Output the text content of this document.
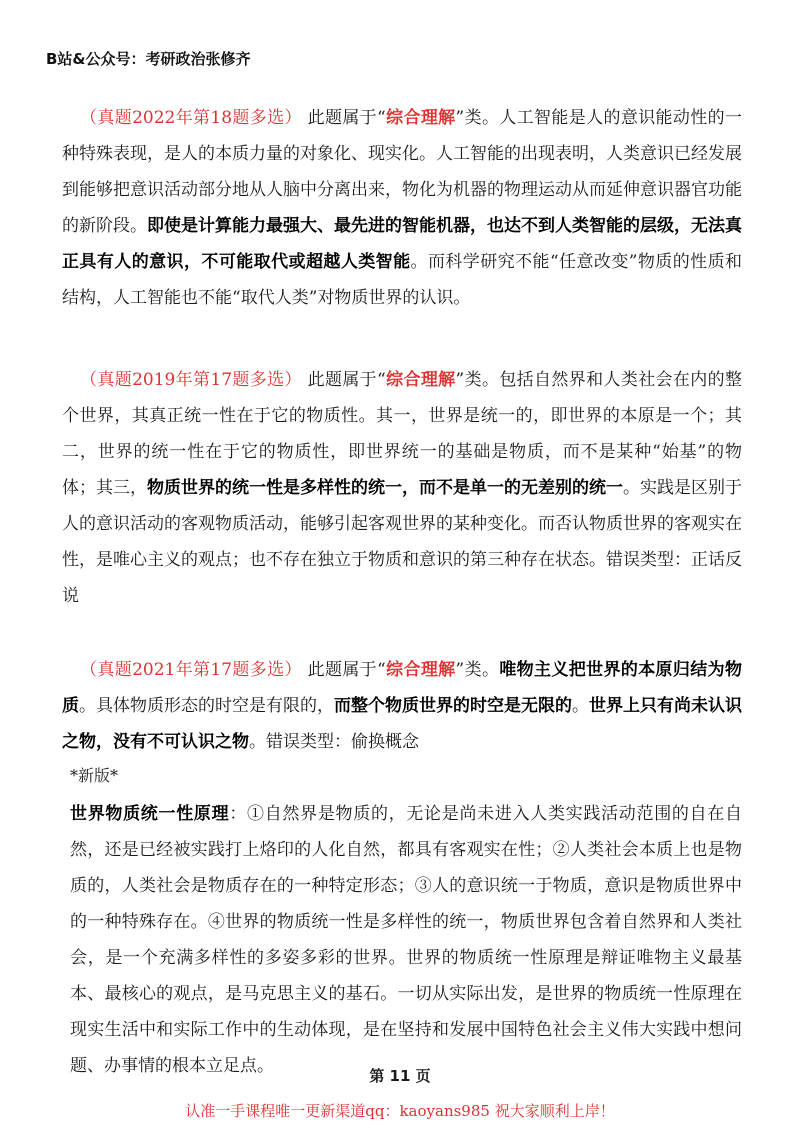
B站&公众号：考研政治张修齐
（真题2022年第18题多选） 此题属于“综合理解”类。人工智能是人的意识能动性的一种特殊表现，是人的本质力量的对象化、现实化。人工智能的出现表明，人类意识已经发展到能够把意识活动部分地从人脑中分离出来，物化为机器的物理运动从而延伸意识器官功能的新阶段。即使是计算能力最强大、最先进的智能机器，也达不到人类智能的层级，无法真正具有人的意识，不可能取代或超越人类智能。而科学研究不能“任意改变”物质的性质和结构，人工智能也不能“取代人类”对物质世界的认识。
（真题2019年第17题多选） 此题属于“综合理解”类。包括自然界和人类社会在内的整个世界，其真正统一性在于它的物质性。其一，世界是统一的，即世界的本原是一个；其二，世界的统一性在于它的物质性，即世界统一的基础是物质，而不是某种“始基”的物体；其三，物质世界的统一性是多样性的统一，而不是单一的无差别的统一。实践是区别于人的意识活动的客观物质活动，能够引起客观世界的某种变化。而否认物质世界的客观实在性，是唯心主义的观点；也不存在独立于物质和意识的第三种存在状态。错误类型：正话反说
（真题2021年第17题多选） 此题属于“综合理解”类。唯物主义把世界的本原归结为物质。具体物质形态的时空是有限的，而整个物质世界的时空是无限的。世界上只有尚未认识之物，没有不可认识之物。错误类型：偷换概念
*新版*
世界物质统一性原理：①自然界是物质的，无论是尚未进入人类实践活动范围的自在自然，还是已经被实践打上烙印的人化自然，都具有客观实在性；②人类社会本质上也是物质的，人类社会是物质存在的一种特定形态；③人的意识统一于物质，意识是物质世界中的一种特殊存在。④世界的物质统一性是多样性的统一，物质世界包含着自然界和人类社会，是一个充满多样性的多姿多彩的世界。世界的物质统一性原理是辩证唯物主义最基本、最核心的观点，是马克思主义的基石。一切从实际出发，是世界的物质统一性原理在现实生活中和实际工作中的生动体现，是在坚持和发展中国特色社会主义伟大实践中想问题、办事情的根本立足点。	第 11 页
认准一手课程唯一更新渠道qq：kaoyans985 祝大家顺利上岸！
